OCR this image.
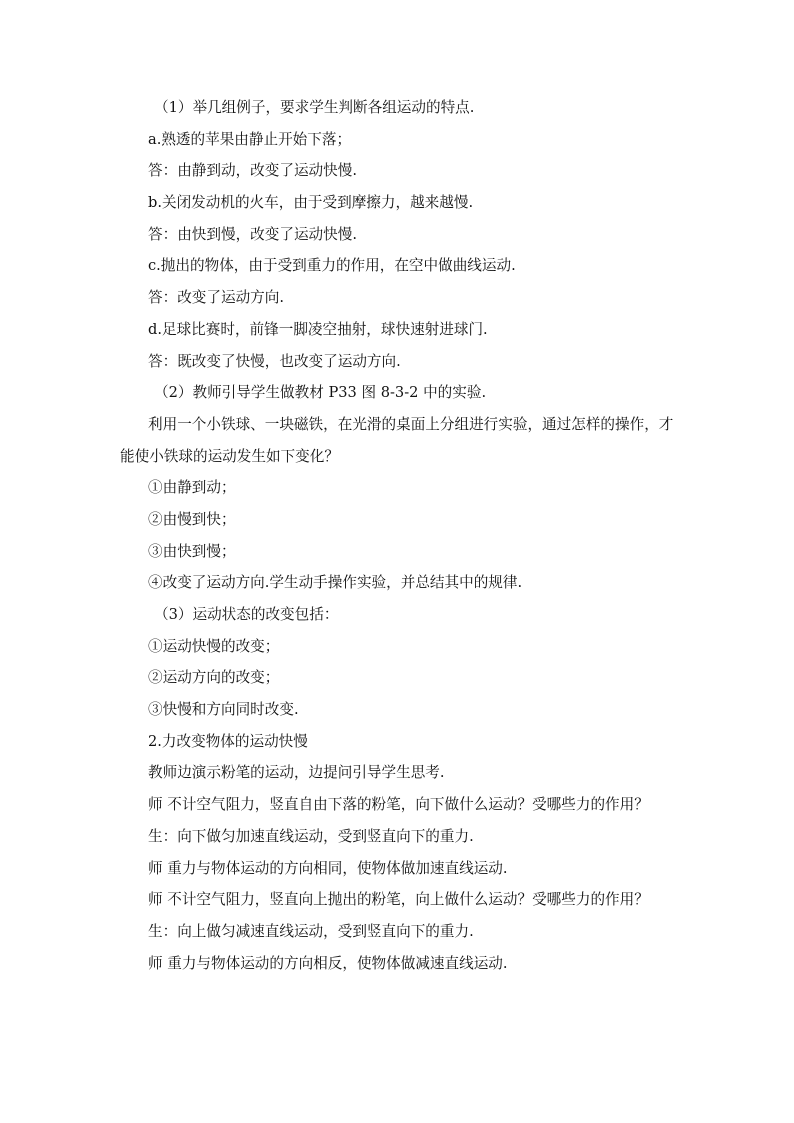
（1）举几组例子，要求学生判断各组运动的特点.
a.熟透的苹果由静止开始下落；
答：由静到动，改变了运动快慢.
b.关闭发动机的火车，由于受到摩擦力，越来越慢.
答：由快到慢，改变了运动快慢.
c.抛出的物体，由于受到重力的作用，在空中做曲线运动.
答：改变了运动方向.
d.足球比赛时，前锋一脚凌空抽射，球快速射进球门.
答：既改变了快慢，也改变了运动方向.
（2）教师引导学生做教材 P33 图 8-3-2 中的实验.
利用一个小铁球、一块磁铁，在光滑的桌面上分组进行实验，通过怎样的操作，才能使小铁球的运动发生如下变化？
①由静到动；
②由慢到快；
③由快到慢；
④改变了运动方向.学生动手操作实验，并总结其中的规律.
（3）运动状态的改变包括：
①运动快慢的改变；
②运动方向的改变；
③快慢和方向同时改变.
2.力改变物体的运动快慢
教师边演示粉笔的运动，边提问引导学生思考.
师 不计空气阻力，竖直自由下落的粉笔，向下做什么运动？受哪些力的作用？
生：向下做匀加速直线运动，受到竖直向下的重力.
师 重力与物体运动的方向相同，使物体做加速直线运动.
师 不计空气阻力，竖直向上抛出的粉笔，向上做什么运动？受哪些力的作用？
生：向上做匀减速直线运动，受到竖直向下的重力.
师 重力与物体运动的方向相反，使物体做减速直线运动.
